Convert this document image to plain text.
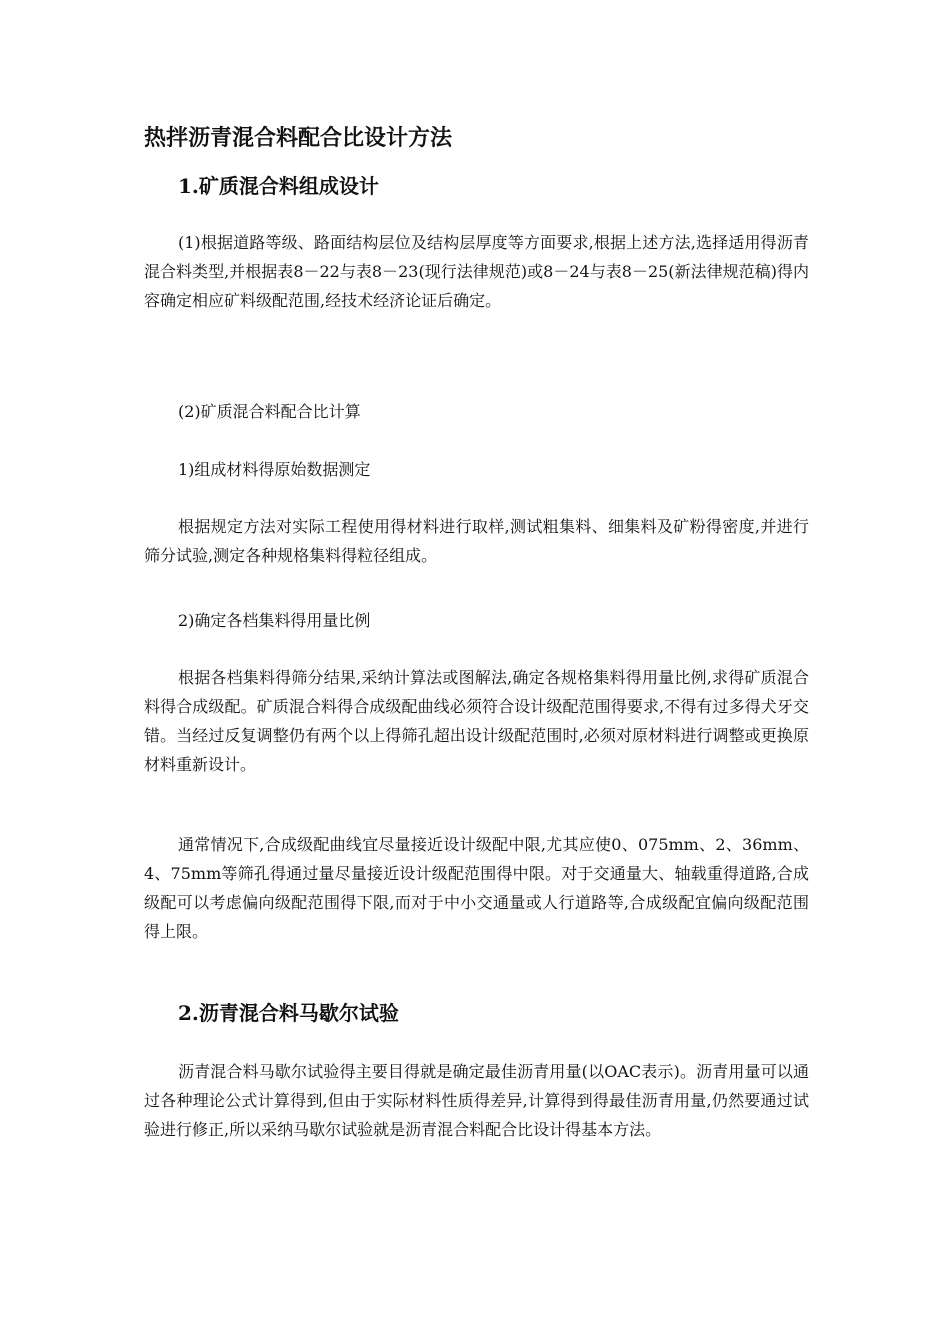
热拌沥青混合料配合比设计方法
1.矿质混合料组成设计
(1)根据道路等级、路面结构层位及结构层厚度等方面要求,根据上述方法,选择适用得沥青混合料类型,并根据表8－22与表8－23(现行法律规范)或8－24与表8－25(新法律规范稿)得内容确定相应矿料级配范围,经技术经济论证后确定。
(2)矿质混合料配合比计算
1)组成材料得原始数据测定
根据规定方法对实际工程使用得材料进行取样,测试粗集料、细集料及矿粉得密度,并进行筛分试验,测定各种规格集料得粒径组成。
2)确定各档集料得用量比例
根据各档集料得筛分结果,采纳计算法或图解法,确定各规格集料得用量比例,求得矿质混合料得合成级配。矿质混合料得合成级配曲线必须符合设计级配范围得要求,不得有过多得犬牙交错。当经过反复调整仍有两个以上得筛孔超出设计级配范围时,必须对原材料进行调整或更换原材料重新设计。
通常情况下,合成级配曲线宜尽量接近设计级配中限,尤其应使0、075mm、2、36mm、4、75mm等筛孔得通过量尽量接近设计级配范围得中限。对于交通量大、轴载重得道路,合成级配可以考虑偏向级配范围得下限,而对于中小交通量或人行道路等,合成级配宜偏向级配范围得上限。
2.沥青混合料马歇尔试验
沥青混合料马歇尔试验得主要目得就是确定最佳沥青用量(以OAC表示)。沥青用量可以通过各种理论公式计算得到,但由于实际材料性质得差异,计算得到得最佳沥青用量,仍然要通过试验进行修正,所以采纳马歇尔试验就是沥青混合料配合比设计得基本方法。
